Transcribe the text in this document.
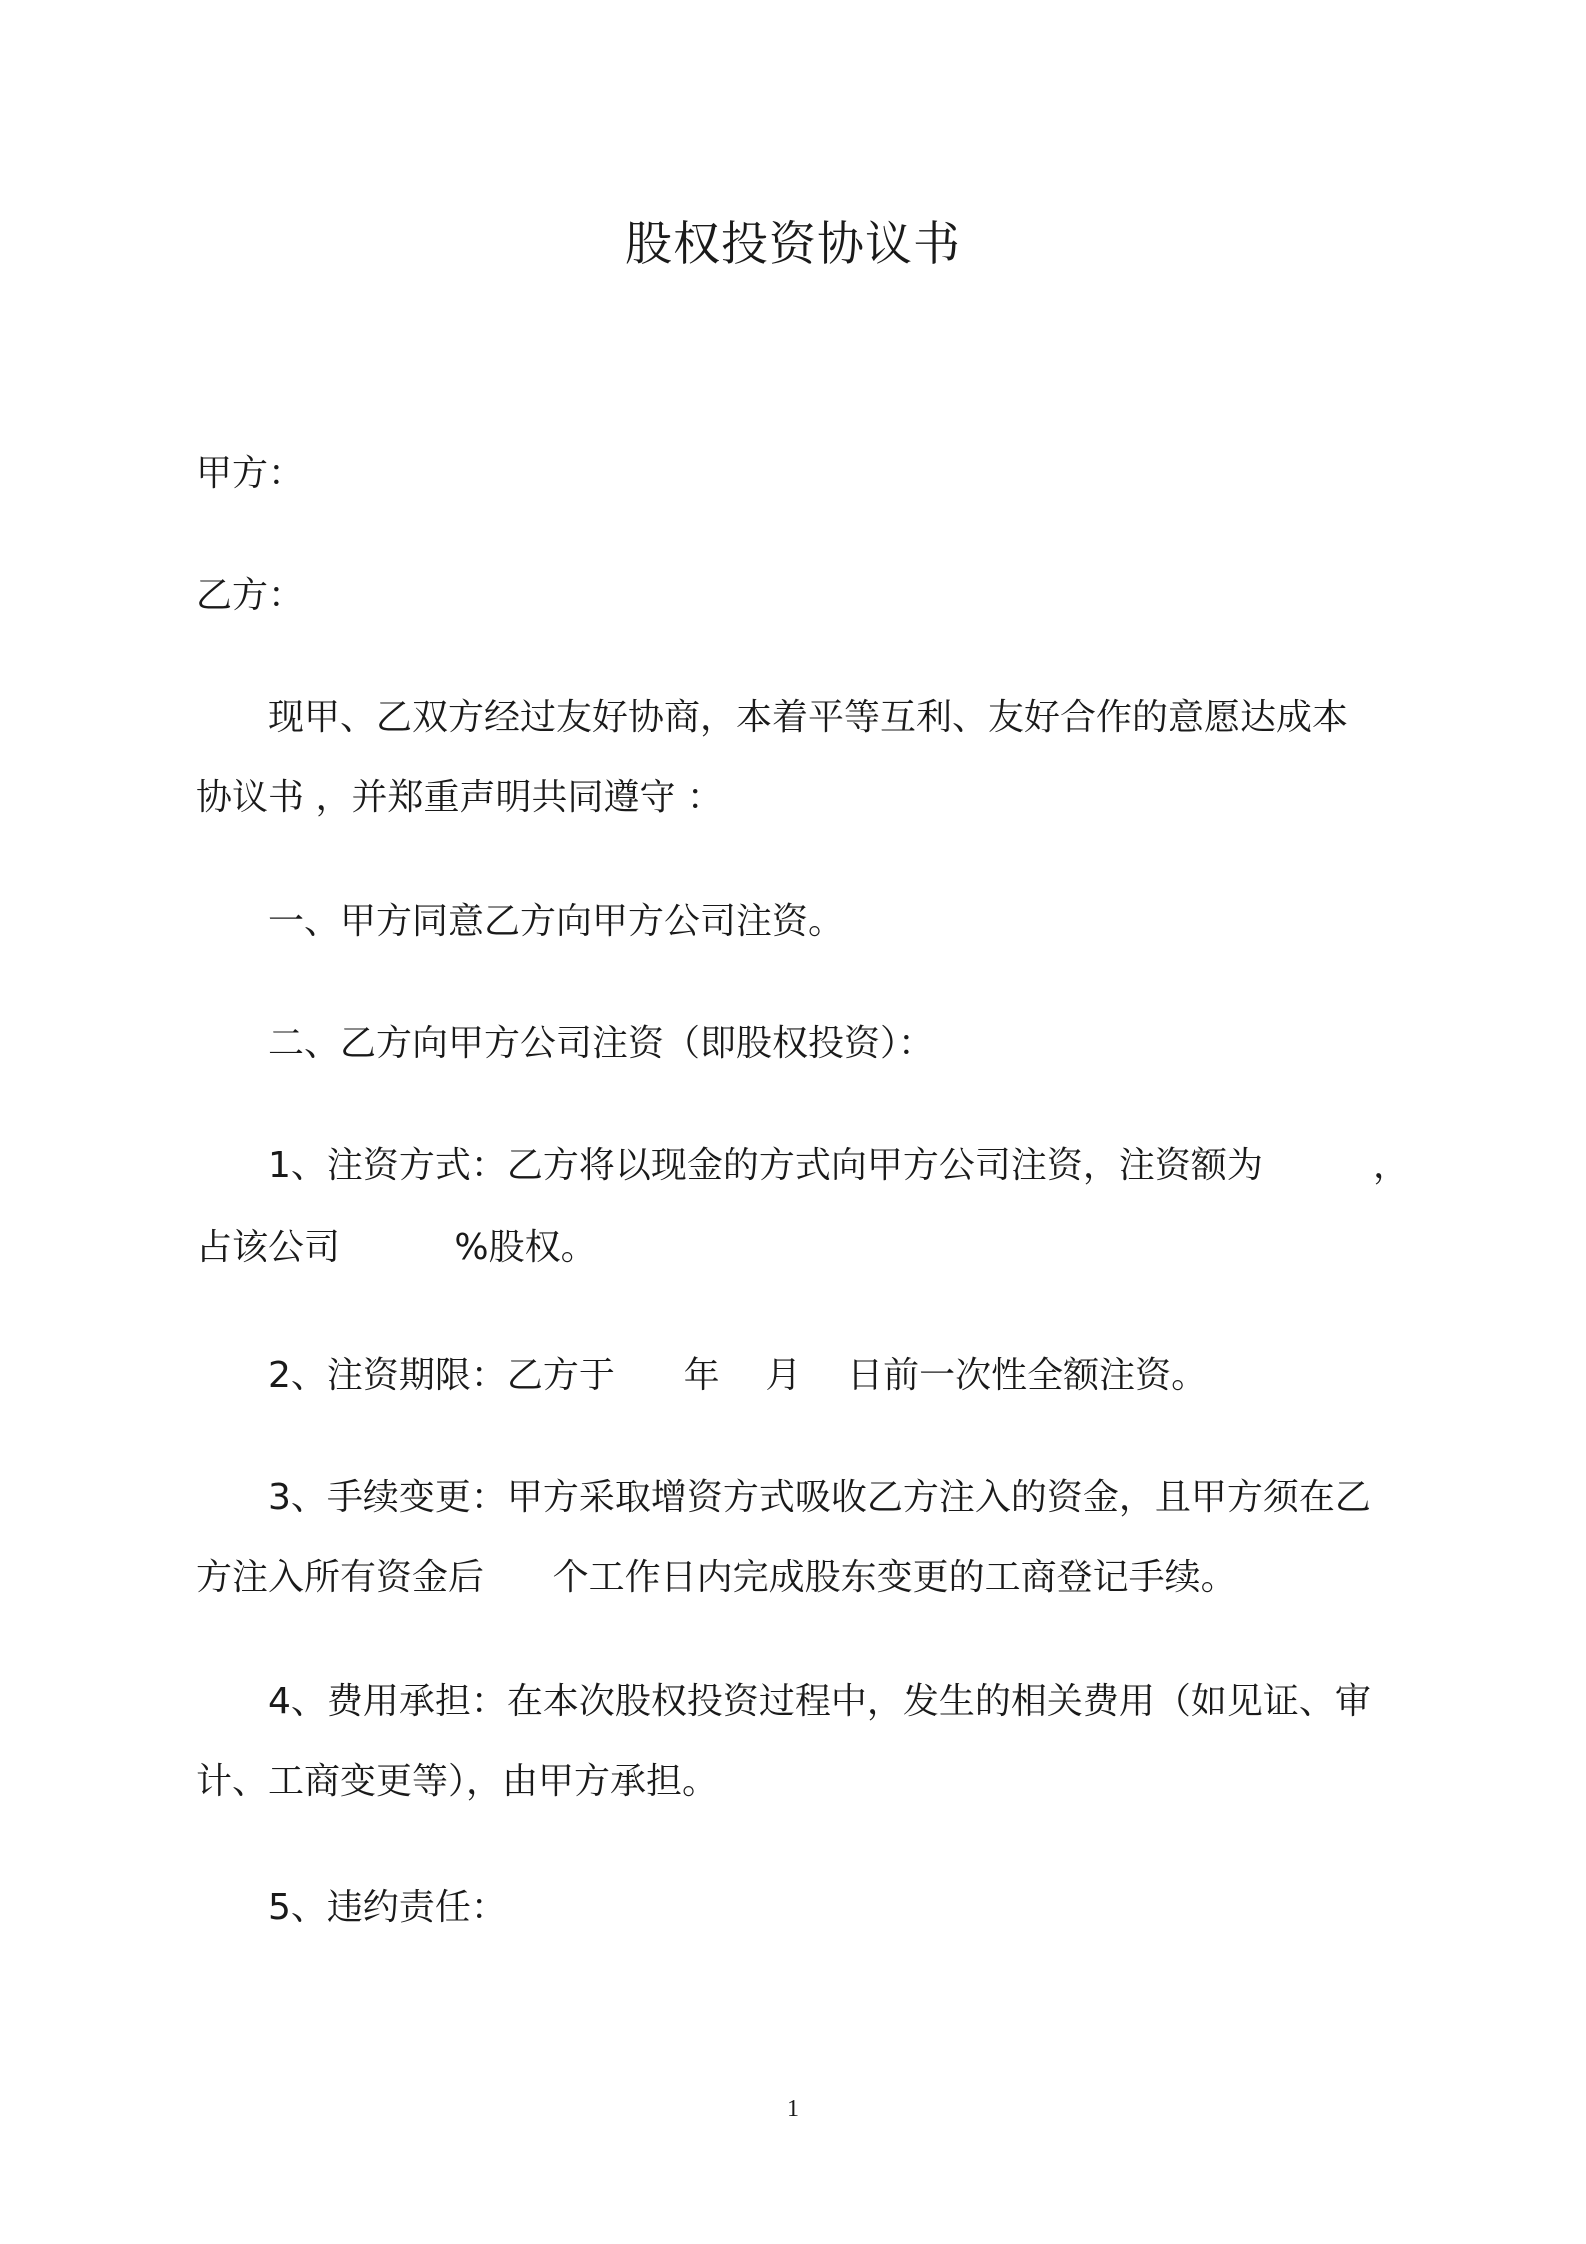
股权投资协议书
甲方：
乙方：
现甲、乙双方经过友好协商，本着平等互利、友好合作的意愿达成本
协议书 ，并郑重声明共同遵守 ：
一、甲方同意乙方向甲方公司注资。
二、乙方向甲方公司注资（即股权投资）：
1、注资方式：乙方将以现金的方式向甲方公司注资，注资额为	，
占该公司          %股权。
2、注资期限：乙方于      年    月    日前一次性全额注资。
3、手续变更：甲方采取增资方式吸收乙方注入的资金，且甲方须在乙
方注入所有资金后      个工作日内完成股东变更的工商登记手续。
4、费用承担：在本次股权投资过程中，发生的相关费用（如见证、审
计、工商变更等），由甲方承担。
5、违约责任：
1
